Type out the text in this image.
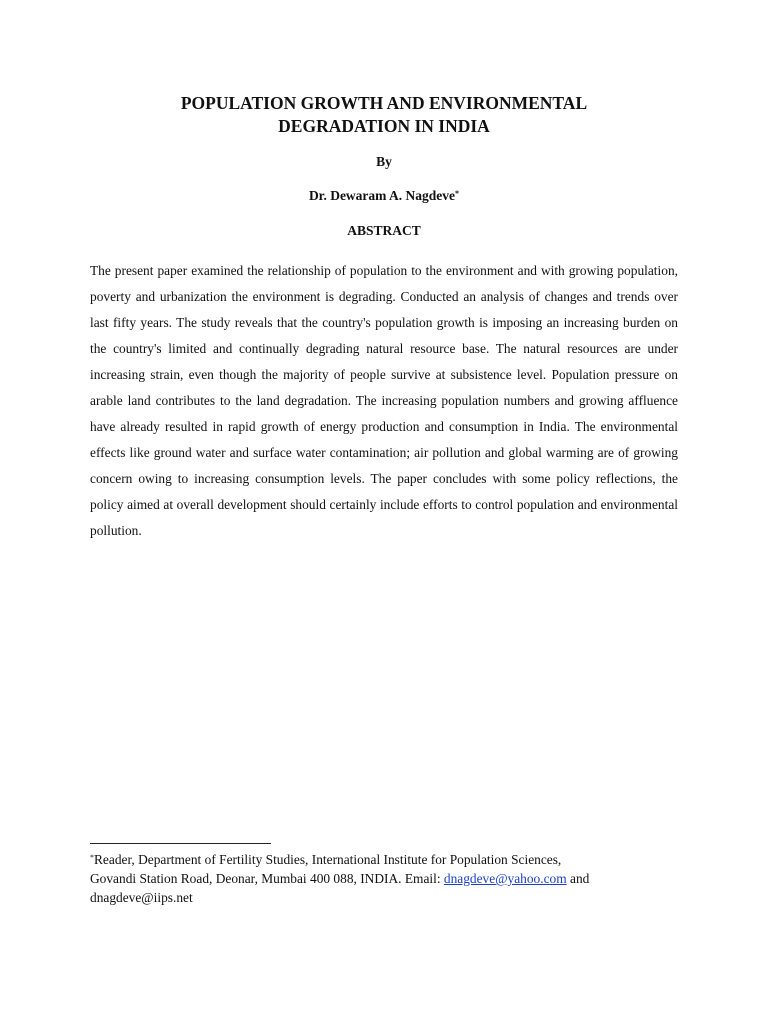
POPULATION GROWTH AND ENVIRONMENTAL
DEGRADATION IN INDIA

By

Dr. Dewaram A. Nagdeve*

ABSTRACT

The present paper examined the relationship of population to the environment and with growing population, poverty and urbanization the environment is degrading. Conducted an analysis of changes and trends over last fifty years. The study reveals that the country's population growth is imposing an increasing burden on the country's limited and continually degrading natural resource base. The natural resources are under increasing strain, even though the majority of people survive at subsistence level. Population pressure on arable land contributes to the land degradation. The increasing population numbers and growing affluence have already resulted in rapid growth of energy production and consumption in India. The environmental effects like ground water and surface water contamination; air pollution and global warming are of growing concern owing to increasing consumption levels. The paper concludes with some policy reflections, the policy aimed at overall development should certainly include efforts to control population and environmental pollution.

*Reader, Department of Fertility Studies, International Institute for Population Sciences,
Govandi Station Road, Deonar, Mumbai 400 088, INDIA. Email: dnagdeve@yahoo.com and
dnagdeve@iips.net
